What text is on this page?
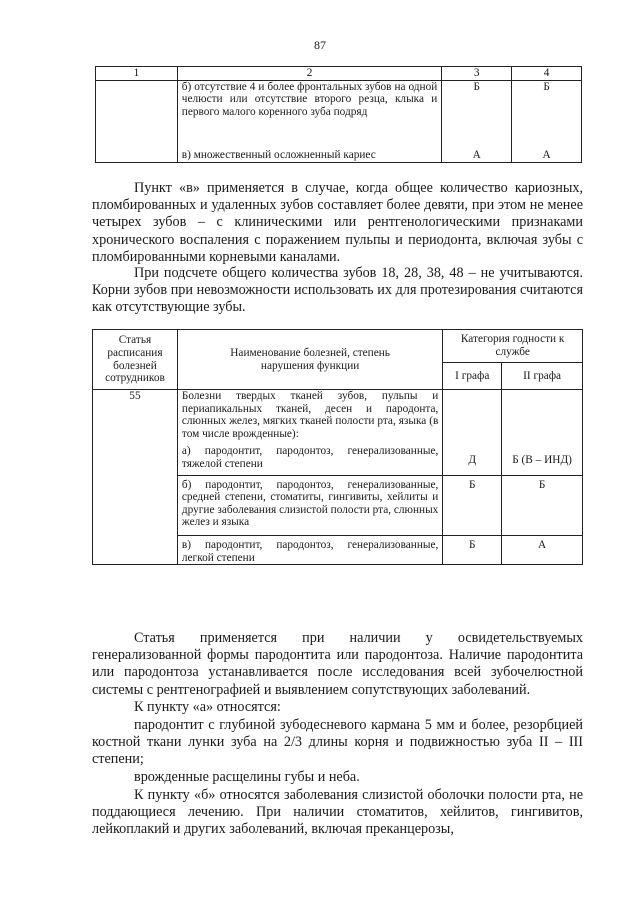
87
1	2	3	4
	б) отсутствие 4 и более фронтальных зубов на одной челюсти или отсутствие второго резца, клыка и первого малого коренного зуба подряд	Б	Б
	в) множественный осложненный кариес	А	А
Пункт «в» применяется в случае, когда общее количество кариозных, пломбированных и удаленных зубов составляет более девяти, при этом не менее четырех зубов – с клиническими или рентгенологическими признаками хронического воспаления с поражением пульпы и периодонта, включая зубы с пломбированными корневыми каналами.
При подсчете общего количества зубов 18, 28, 38, 48 – не учитываются. Корни зубов при невозможности использовать их для протезирования считаются как отсутствующие зубы.
Статья расписания болезней сотрудников	Наименование болезней, степень нарушения функции	Категория годности к службе	
		I графа	II графа
55	Болезни твердых тканей зубов, пульпы и периапикальных тканей, десен и пародонта, слюнных желез, мягких тканей полости рта, языка (в том числе врожденные):		
	а) пародонтит, пародонтоз, генерализованные, тяжелой степени	Д	Б (В – ИНД)
	б) пародонтит, пародонтоз, генерализованные, средней степени, стоматиты, гингивиты, хейлиты и другие заболевания слизистой полости рта, слюнных желез и языка	Б	Б
	в) пародонтит, пародонтоз, генерализованные, легкой степени	Б	А
Статья применяется при наличии у освидетельствуемых генерализованной формы пародонтита или пародонтоза. Наличие пародонтита или пародонтоза устанавливается после исследования всей зубочелюстной системы с рентгенографией и выявлением сопутствующих заболеваний.
К пункту «а» относятся:
пародонтит с глубиной зубодесневого кармана 5 мм и более, резорбцией костной ткани лунки зуба на 2/3 длины корня и подвижностью зуба II – III степени;
врожденные расщелины губы и неба.
К пункту «б» относятся заболевания слизистой оболочки полости рта, не поддающиеся лечению. При наличии стоматитов, хейлитов, гингивитов, лейкоплакий и других заболеваний, включая преканцерозы,
